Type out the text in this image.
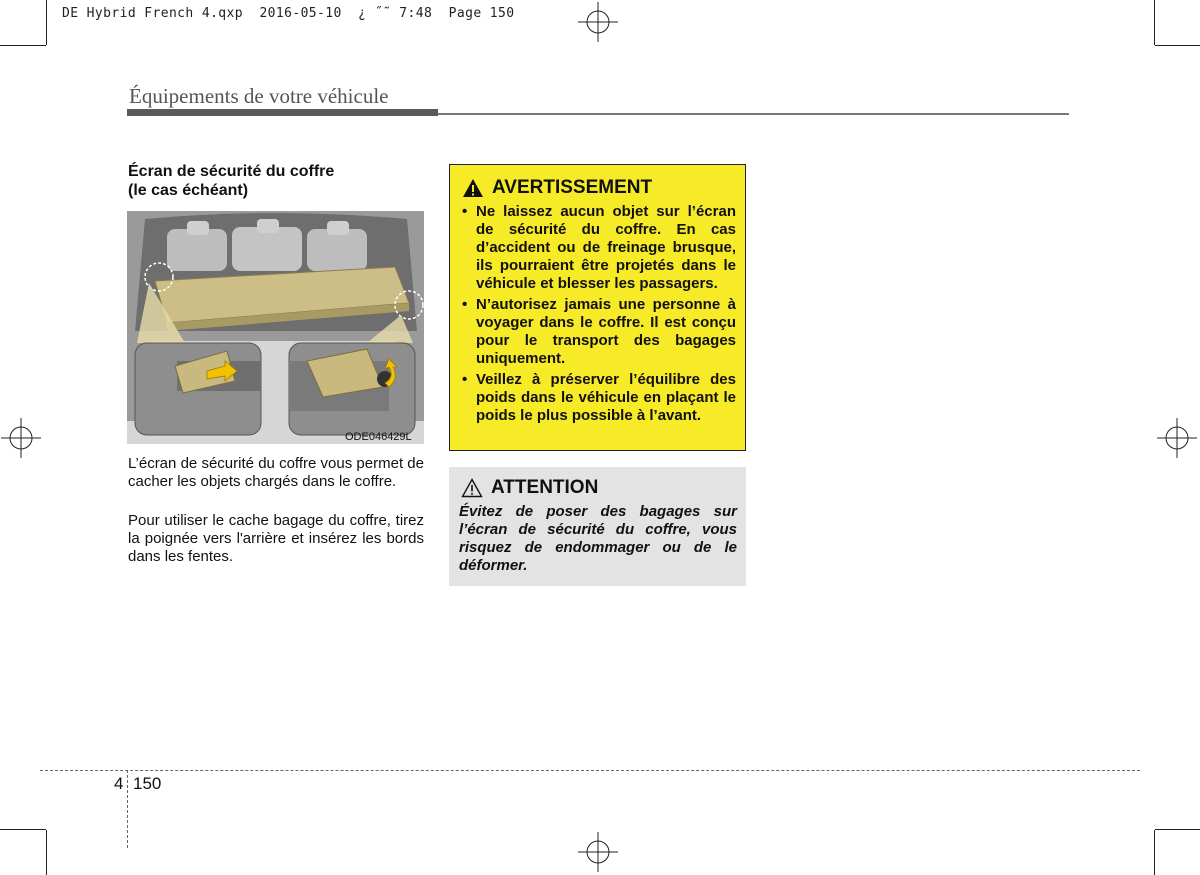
DE Hybrid French 4.qxp  2016-05-10  ¿ ˝˜ 7:48  Page 150
Équipements de votre véhicule
Écran de sécurité du coffre
(le cas échéant)
ODE046429L
L’écran de sécurité du coffre vous permet de cacher les objets chargés dans le coffre.
Pour utiliser le cache bagage du coffre, tirez la poignée vers l'arrière et insérez les bords dans les fentes.
AVERTISSEMENT
• Ne laissez aucun objet sur l’écran de sécurité du coffre. En cas d’accident ou de freinage brusque, ils pourraient être projetés dans le véhicule et blesser les passagers.
• N’autorisez jamais une personne à voyager dans le coffre. Il est conçu pour le transport des bagages uniquement.
• Veillez à préserver l’équilibre des poids dans le véhicule en plaçant le poids le plus possible à l’avant.
ATTENTION
Évitez de poser des bagages sur l’écran de sécurité du coffre, vous risquez de endommager ou de le déformer.
4 150
